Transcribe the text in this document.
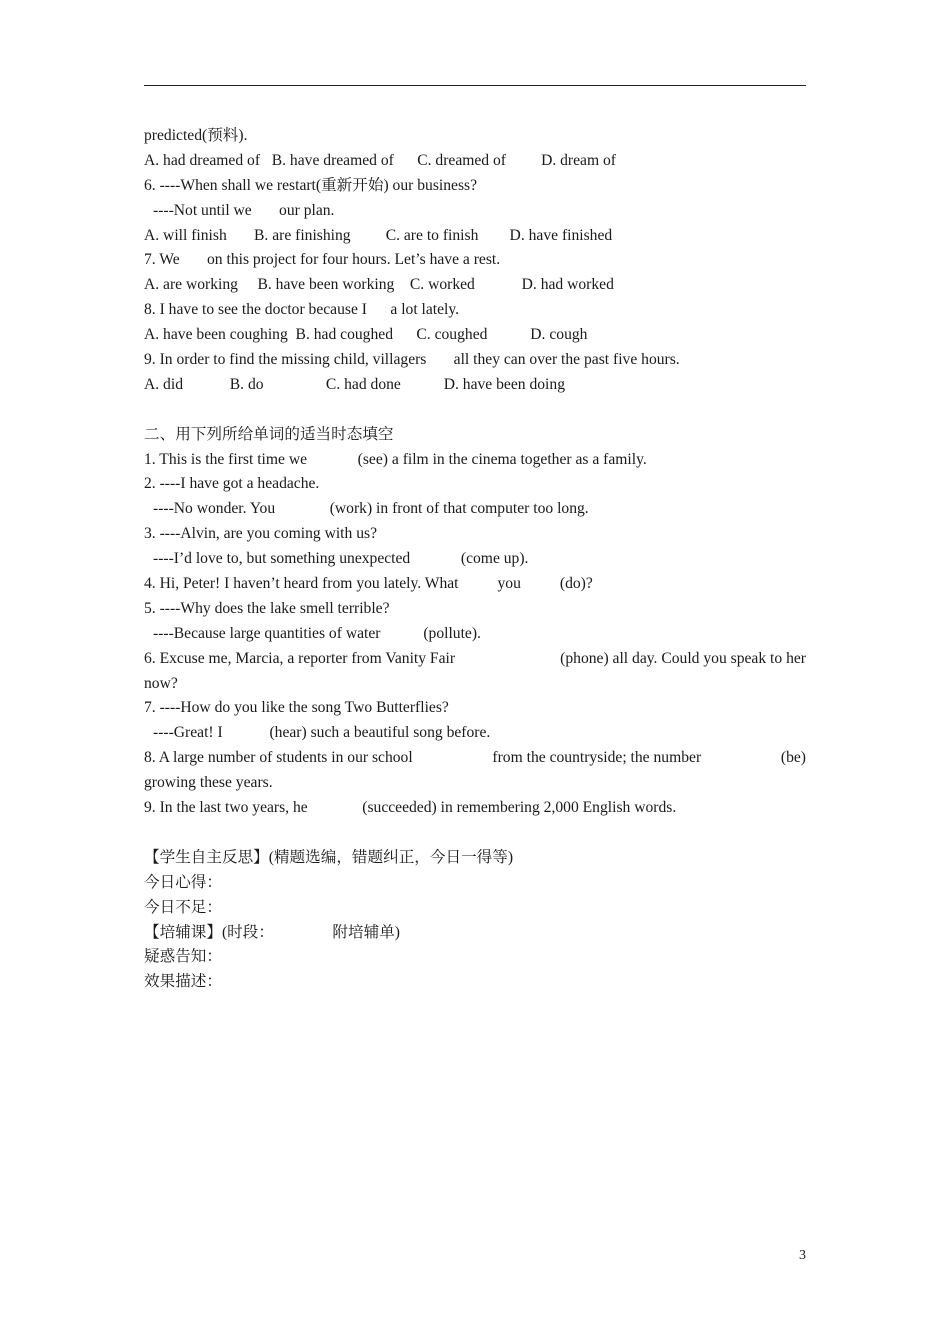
predicted(预料).
A. had dreamed of   B. have dreamed of      C. dreamed of         D. dream of
6. ----When shall we restart(重新开始) our business?
----Not until we       our plan.
A. will finish       B. are finishing         C. are to finish        D. have finished
7. We       on this project for four hours. Let’s have a rest.
A. are working     B. have been working    C. worked            D. had worked
8. I have to see the doctor because I      a lot lately.
A. have been coughing  B. had coughed      C. coughed           D. cough
9. In order to find the missing child, villagers       all they can over the past five hours.
A. did            B. do                C. had done           D. have been doing
二、用下列所给单词的适当时态填空
1. This is the first time we             (see) a film in the cinema together as a family.
2. ----I have got a headache.
----No wonder. You              (work) in front of that computer too long.
3. ----Alvin, are you coming with us?
----I’d love to, but something unexpected             (come up).
4. Hi, Peter! I haven’t heard from you lately. What          you          (do)?
5. ----Why does the lake smell terrible?
----Because large quantities of water           (pollute).
6. Excuse me, Marcia, a reporter from Vanity Fair	(phone) all day. Could you speak to her
now?
7. ----How do you like the song Two Butterflies?
----Great! I            (hear) such a beautiful song before.
8. A large number of students in our school	from the countryside; the number	(be)
growing these years.
9. In the last two years, he              (succeeded) in remembering 2,000 English words.
【学生自主反思】(精题选编，错题纠正，今日一得等)
今日心得：
今日不足：
【培辅课】(时段：               附培辅单)
疑惑告知：
效果描述：
3
